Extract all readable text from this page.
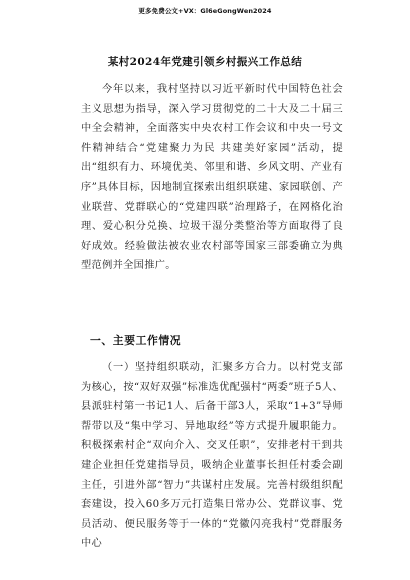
更多免费公文+VX：Gl6eGongWen2024
某村2024年党建引领乡村振兴工作总结

今年以来，我村坚持以习近平新时代中国特色社会主义思想为指导，深入学习贯彻党的二十大及二十届三中全会精神，全面落实中央农村工作会议和中央一号文件精神结合“党建聚力为民 共建美好家园”活动，提出“组织有力、环境优美、邻里和谐、乡风文明、产业有序”具体目标，因地制宜探索出组织联建、家园联创、产业联营、党群联心的“党建四联”治理路子，在网格化治理、爱心积分兑换、垃圾干湿分类整治等方面取得了良好成效。经验做法被农业农村部等国家三部委确立为典型范例并全国推广。

一、主要工作情况

（一）坚持组织联动，汇聚多方合力。以村党支部为核心，按“双好双强”标准选优配强村“两委”班子5人、县派驻村第一书记1人、后备干部3人，采取“1+3”导师帮带以及“集中学习、异地取经”等方式提升履职能力。积极探索村企“双向介入、交叉任职”，安排老村干到共建企业担任党建指导员，吸纳企业董事长担任村委会副主任，引进外部“智力”共谋村庄发展。完善村级组织配套建设，投入60多万元打造集日常办公、党群议事、党员活动、便民服务等于一体的“党徽闪亮我村”党群服务中心
